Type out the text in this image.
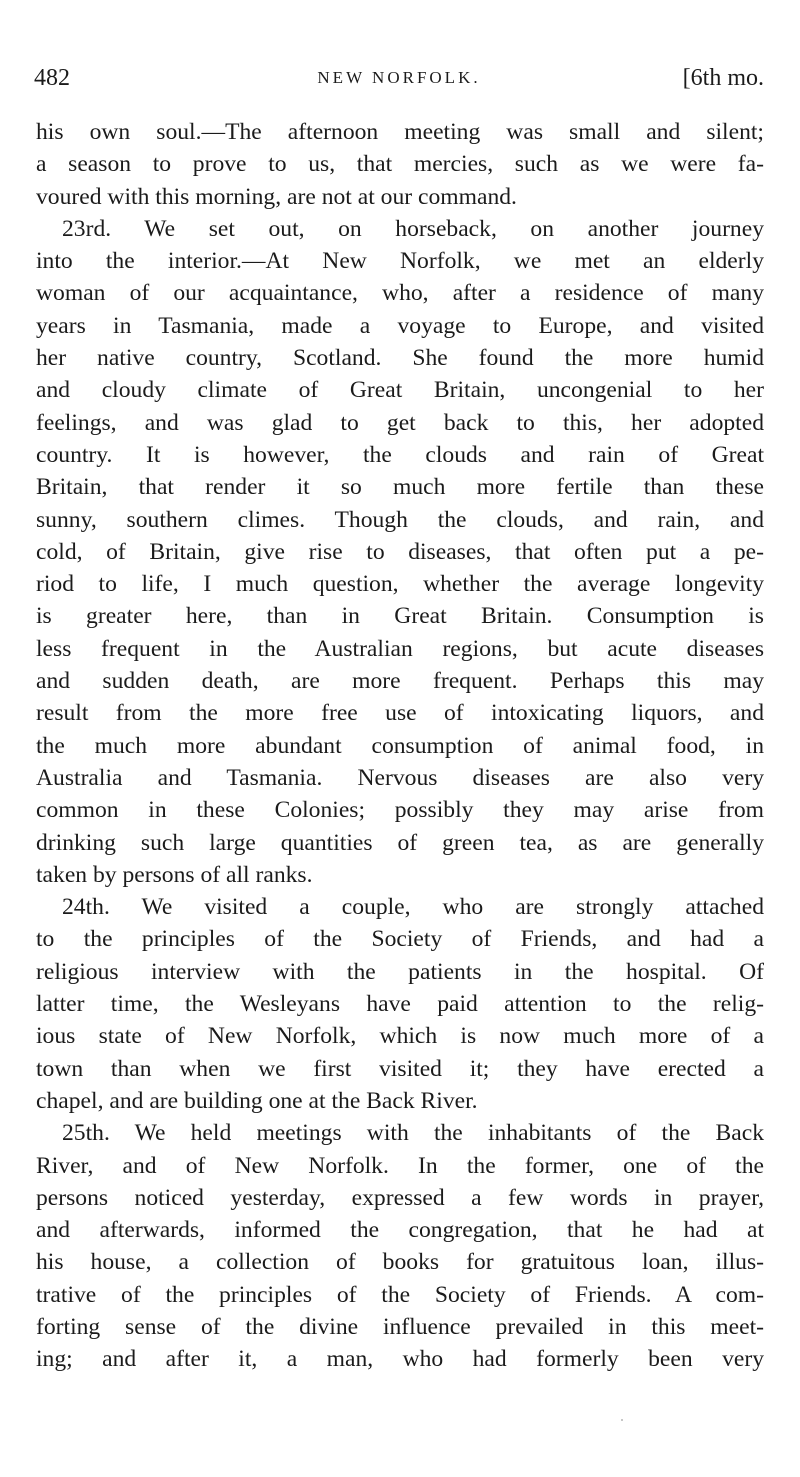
482	NEW NORFOLK.	[6th mo.
his own soul.—The afternoon meeting was small and silent;
a season to prove to us, that mercies, such as we were fa-
voured with this morning, are not at our command.
23rd. We set out, on horseback, on another journey
into the interior.—At New Norfolk, we met an elderly
woman of our acquaintance, who, after a residence of many
years in Tasmania, made a voyage to Europe, and visited
her native country, Scotland. She found the more humid
and cloudy climate of Great Britain, uncongenial to her
feelings, and was glad to get back to this, her adopted
country. It is however, the clouds and rain of Great
Britain, that render it so much more fertile than these
sunny, southern climes. Though the clouds, and rain, and
cold, of Britain, give rise to diseases, that often put a pe-
riod to life, I much question, whether the average longevity
is greater here, than in Great Britain. Consumption is
less frequent in the Australian regions, but acute diseases
and sudden death, are more frequent. Perhaps this may
result from the more free use of intoxicating liquors, and
the much more abundant consumption of animal food, in
Australia and Tasmania. Nervous diseases are also very
common in these Colonies; possibly they may arise from
drinking such large quantities of green tea, as are generally
taken by persons of all ranks.
24th. We visited a couple, who are strongly attached
to the principles of the Society of Friends, and had a
religious interview with the patients in the hospital. Of
latter time, the Wesleyans have paid attention to the relig-
ious state of New Norfolk, which is now much more of a
town than when we first visited it; they have erected a
chapel, and are building one at the Back River.
25th. We held meetings with the inhabitants of the Back
River, and of New Norfolk. In the former, one of the
persons noticed yesterday, expressed a few words in prayer,
and afterwards, informed the congregation, that he had at
his house, a collection of books for gratuitous loan, illus-
trative of the principles of the Society of Friends. A com-
forting sense of the divine influence prevailed in this meet-
ing; and after it, a man, who had formerly been very
